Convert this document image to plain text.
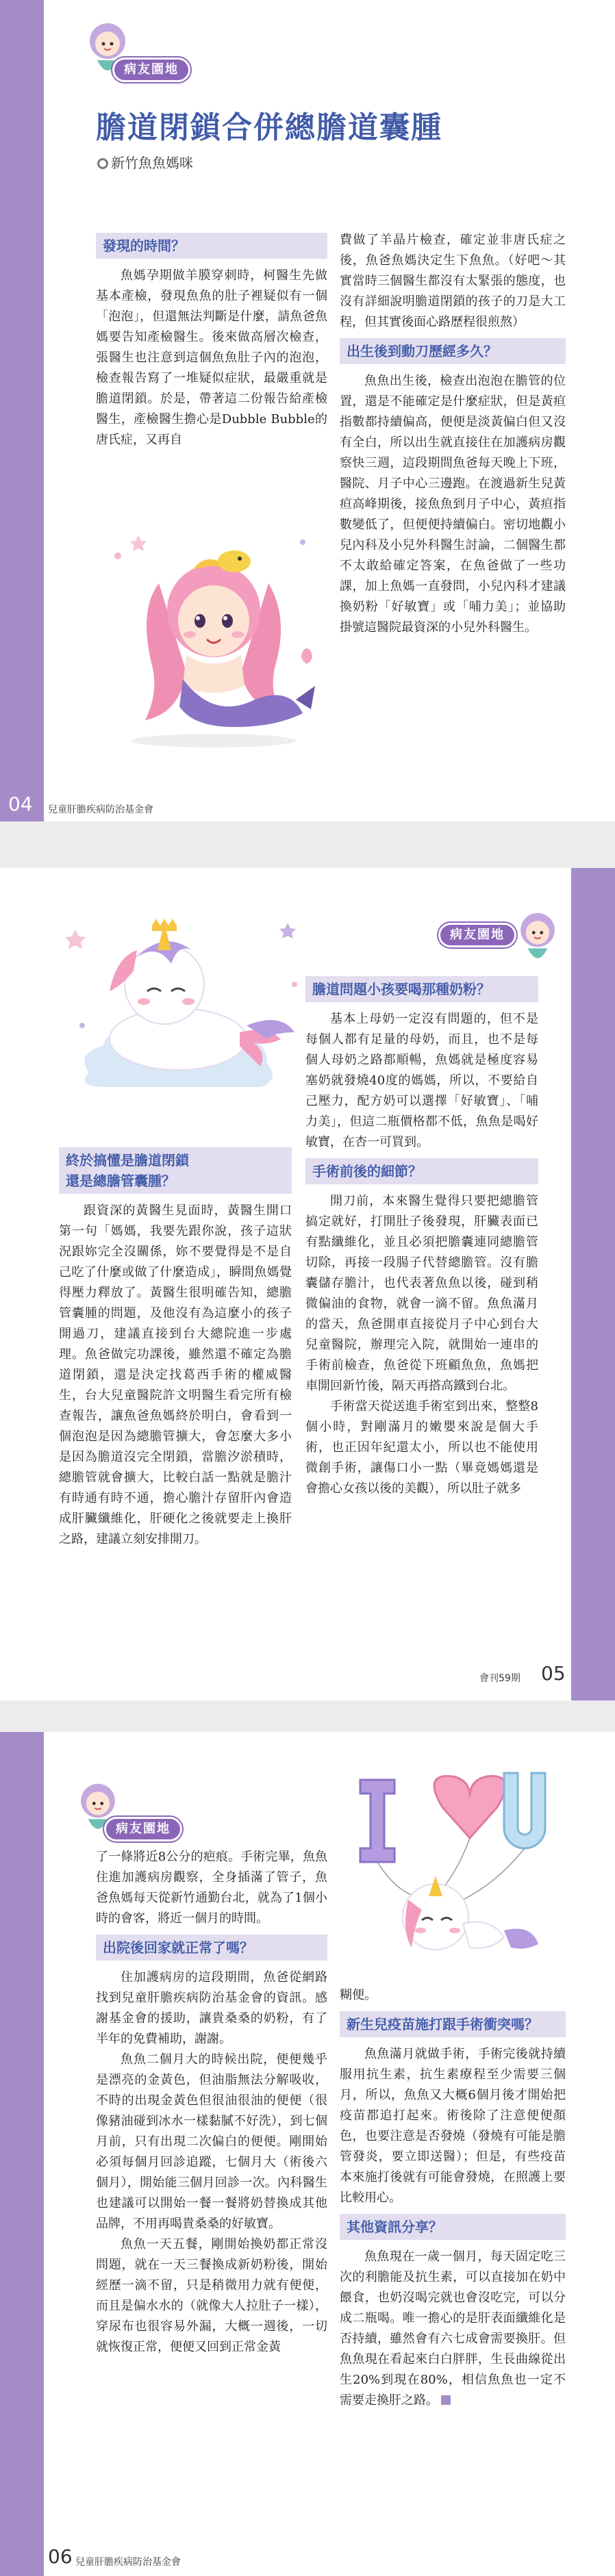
病友園地
膽道閉鎖合併總膽道囊腫
新竹魚魚媽咪
發現的時間？
魚媽孕期做羊膜穿刺時，柯醫生先做基本產檢，發現魚魚的肚子裡疑似有一個「泡泡」，但還無法判斷是什麼，請魚爸魚媽要告知產檢醫生。後來做高層次檢查，張醫生也注意到這個魚魚肚子內的泡泡，檢查報告寫了一堆疑似症狀，最嚴重就是膽道閉鎖。於是，帶著這二份報告給產檢醫生，產檢醫生擔心是Dubble Bubble的唐氏症，又再自
費做了羊晶片檢查，確定並非唐氏症之後，魚爸魚媽決定生下魚魚。（好吧～其實當時三個醫生都沒有太緊張的態度，也沒有詳細說明膽道閉鎖的孩子的刀是大工程，但其實後面心路歷程很煎熬）
出生後到動刀歷經多久？
魚魚出生後，檢查出泡泡在膽管的位置，還是不能確定是什麼症狀，但是黃疸指數都持續偏高，便便是淡黃偏白但又沒有全白，所以出生就直接住在加護病房觀察快三週，這段期間魚爸每天晚上下班，醫院、月子中心三邊跑。在渡過新生兒黃疸高峰期後，接魚魚到月子中心，黃疸指數變低了，但便便持續偏白。密切地觀小兒內科及小兒外科醫生討論，二個醫生都不太敢給確定答案，在魚爸做了一些功課，加上魚媽一直發問，小兒內科才建議換奶粉「好敏寶」或「哺力美」；並協助掛號這醫院最資深的小兒外科醫生。
兒童肝膽疾病防治基金會
04
病友園地
終於搞懂是膽道閉鎖
還是總膽管囊腫？
跟資深的黃醫生見面時，黃醫生開口第一句「媽媽，我要先跟你說，孩子這狀況跟妳完全沒關係，妳不要覺得是不是自己吃了什麼或做了什麼造成」，瞬間魚媽覺得壓力釋放了。黃醫生很明確告知，總膽管囊腫的問題，及他沒有為這麼小的孩子開過刀，建議直接到台大總院進一步處理。魚爸做完功課後，雖然還不確定為膽道閉鎖，還是決定找葛西手術的權威醫生，台大兒童醫院許文明醫生看完所有檢查報告，讓魚爸魚媽終於明白，會看到一個泡泡是因為總膽管擴大，會怎麼大多小是因為膽道沒完全閉鎖，當膽汐淤積時，總膽管就會擴大，比較白話一點就是膽汁有時通有時不通，擔心膽汁存留肝內會造成肝臟纖維化，肝硬化之後就要走上換肝之路，建議立刻安排開刀。
膽道問題小孩要喝那種奶粉？
基本上母奶一定沒有問題的，但不是每個人都有足量的母奶，而且，也不是每個人母奶之路都順暢，魚媽就是極度容易塞奶就發燒40度的媽媽，所以，不要給自己壓力，配方奶可以選擇「好敏寶」、「哺力美」，但這二瓶價格都不低，魚魚是喝好敏寶，在杏一可買到。
手術前後的細節？
開刀前，本來醫生覺得只要把總膽管搞定就好，打開肚子後發現，肝臟表面已有點纖維化，並且必須把膽囊連同總膽管切除，再接一段腸子代替總膽管。沒有膽囊儲存膽汁，也代表著魚魚以後，碰到稍微偏油的食物，就會一滴不留。魚魚滿月的當天，魚爸開車直接從月子中心到台大兒童醫院，辦理完入院，就開始一連串的手術前檢查，魚爸從下班顧魚魚，魚媽把車開回新竹後，隔天再搭高鐵到台北。
手術當天從送進手術室到出來，整整8個小時，對剛滿月的嫩嬰來說是個大手術，也正因年紀還太小，所以也不能使用微創手術，讓傷口小一點（畢竟媽媽還是會擔心女孩以後的美觀），所以肚子就多
會刊59期 05
病友園地
了一條將近8公分的疤痕。手術完畢，魚魚住進加護病房觀察，全身插滿了管子，魚爸魚媽每天從新竹通勤台北，就為了1個小時的會客，將近一個月的時間。
出院後回家就正常了嗎？
住加護病房的這段期間，魚爸從網路找到兒童肝膽疾病防治基金會的資訊。感謝基金會的援助，讓貴桑桑的奶粉，有了半年的免費補助，謝謝。
魚魚二個月大的時候出院，便便幾乎是漂亮的金黃色，但油脂無法分解吸收，不時的出現金黃色但很油很油的便便（很像豬油碰到冰水一樣黏膩不好洗），到七個月前，只有出現二次偏白的便便。剛開始必須每個月回診追蹤，七個月大（術後六個月），開始能三個月回診一次。內科醫生也建議可以開始一餐一餐將奶替換成其他品牌，不用再喝貴桑桑的好敏寶。
魚魚一天五餐，剛開始換奶都正常沒問題，就在一天三餐換成新奶粉後，開始經歷一滴不留，只是稍微用力就有便便，而且是偏水水的（就像大人拉肚子一樣），穿尿布也很容易外漏，大概一週後，一切就恢復正常，便便又回到正常金黃
糊便。
新生兒疫苗施打跟手術衝突嗎？
魚魚滿月就做手術，手術完後就持續服用抗生素，抗生素療程至少需要三個月，所以，魚魚又大概6個月後才開始把疫苗都追打起來。術後除了注意便便顏色，也要注意是否發燒（發燒有可能是膽管發炎，要立即送醫）；但是，有些疫苗本來施打後就有可能會發燒，在照護上要比較用心。
其他資訊分享？
魚魚現在一歲一個月，每天固定吃三次的利膽能及抗生素，可以直接加在奶中餵食，也奶沒喝完就也會沒吃完，可以分成二瓶喝。唯一擔心的是肝表面纖維化是否持續，雖然會有六七成會需要換肝。但魚魚現在看起來白白胖胖，生長曲線從出生20%到現在80%，相信魚魚也一定不需要走換肝之路。
兒童肝膽疾病防治基金會
06
